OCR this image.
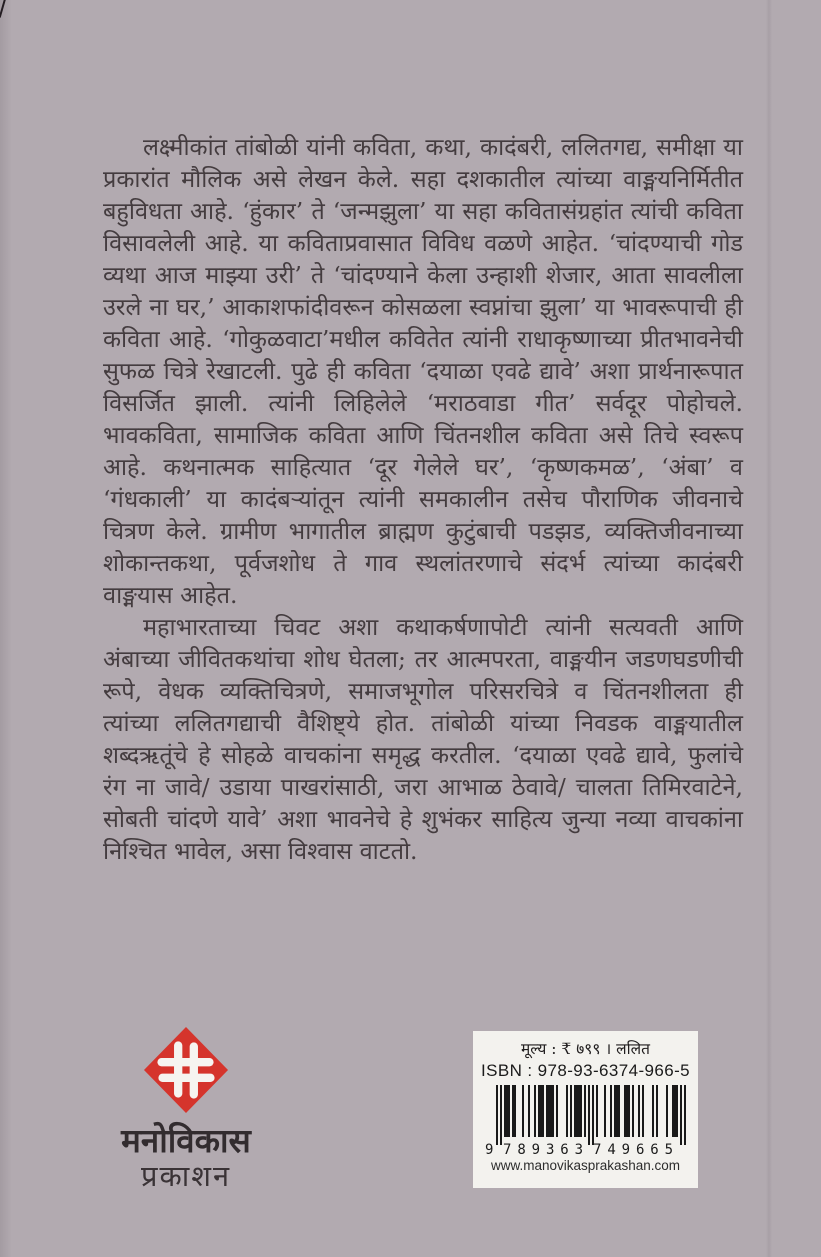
लक्ष्मीकांत तांबोळी यांनी कविता, कथा, कादंबरी, ललितगद्य, समीक्षा या प्रकारांत मौलिक असे लेखन केले. सहा दशकातील त्यांच्या वाङ्मयनिर्मितीत बहुविधता आहे. ‘हुंकार’ ते ‘जन्मझुला’ या सहा कवितासंग्रहांत त्यांची कविता विसावलेली आहे. या कविताप्रवासात विविध वळणे आहेत. ‘चांदण्याची गोड व्यथा आज माझ्या उरी’ ते ‘चांदण्याने केला उन्हाशी शेजार, आता सावलीला उरले ना घर,’ आकाशफांदीवरून कोसळला स्वप्नांचा झुला’ या भावरूपाची ही कविता आहे. ‘गोकुळवाटा’मधील कवितेत त्यांनी राधाकृष्णाच्या प्रीतभावनेची सुफळ चित्रे रेखाटली. पुढे ही कविता ‘दयाळा एवढे द्यावे’ अशा प्रार्थनारूपात विसर्जित झाली. त्यांनी लिहिलेले ‘मराठवाडा गीत’ सर्वदूर पोहोचले. भावकविता, सामाजिक कविता आणि चिंतनशील कविता असे तिचे स्वरूप आहे. कथनात्मक साहित्यात ‘दूर गेलेले घर’, ‘कृष्णकमळ’, ‘अंबा’ व ‘गंधकाली’ या कादंबऱ्यांतून त्यांनी समकालीन तसेच पौराणिक जीवनाचे चित्रण केले. ग्रामीण भागातील ब्राह्मण कुटुंबाची पडझड, व्यक्तिजीवनाच्या शोकान्तकथा, पूर्वजशोध ते गाव स्थलांतरणाचे संदर्भ त्यांच्या कादंबरी वाङ्मयास आहेत.

महाभारताच्या चिवट अशा कथाकर्षणापोटी त्यांनी सत्यवती आणि अंबाच्या जीवितकथांचा शोध घेतला; तर आत्मपरता, वाङ्मयीन जडणघडणीची रूपे, वेधक व्यक्तिचित्रणे, समाजभूगोल परिसरचित्रे व चिंतनशीलता ही त्यांच्या ललितगद्याची वैशिष्ट्ये होत. तांबोळी यांच्या निवडक वाङ्मयातील शब्दऋतूंचे हे सोहळे वाचकांना समृद्ध करतील. ‘दयाळा एवढे द्यावे, फुलांचे रंग ना जावे/ उडाया पाखरांसाठी, जरा आभाळ ठेवावे/ चालता तिमिरवाटेने, सोबती चांदणे यावे’ अशा भावनेचे हे शुभंकर साहित्य जुन्या नव्या वाचकांना निश्चित भावेल, असा विश्वास वाटतो.

मनोविकास
प्रकाशन
मूल्य : ₹ ७९९ । ललित
ISBN : 978-93-6374-966-5
9 789363 749665
www.manovikasprakashan.com
